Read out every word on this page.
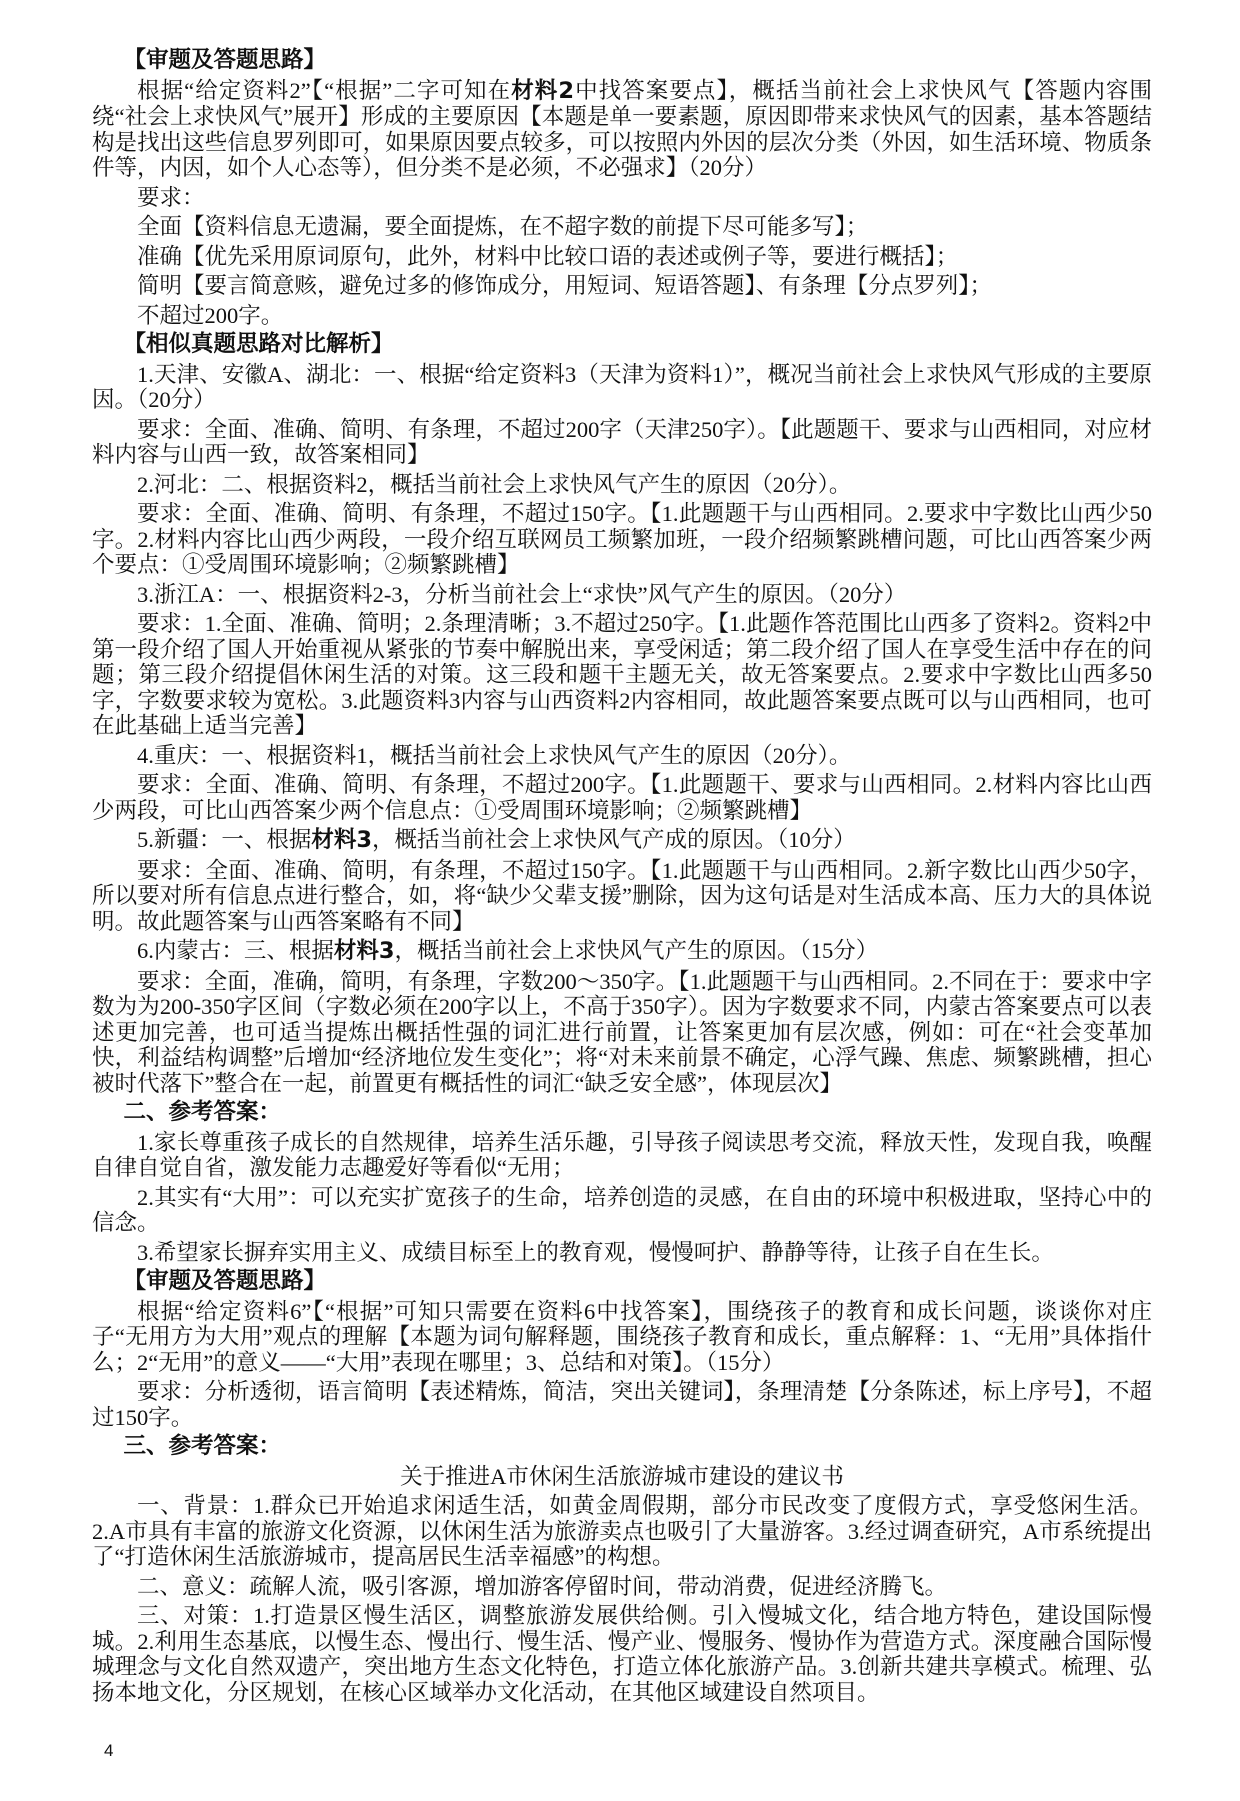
【审题及答题思路】

根据“给定资料2”【“根据”二字可知在材料2中找答案要点】，概括当前社会上求快风气【答题内容围绕“社会上求快风气”展开】形成的主要原因【本题是单一要素题，原因即带来求快风气的因素，基本答题结构是找出这些信息罗列即可，如果原因要点较多，可以按照内外因的层次分类（外因，如生活环境、物质条件等，内因，如个人心态等），但分类不是必须，不必强求】（20分）

要求：

全面【资料信息无遗漏，要全面提炼，在不超字数的前提下尽可能多写】；

准确【优先采用原词原句，此外，材料中比较口语的表述或例子等，要进行概括】；

简明【要言简意赅，避免过多的修饰成分，用短词、短语答题】、有条理【分点罗列】；

不超过200字。

【相似真题思路对比解析】

1.天津、安徽A、湖北：一、根据“给定资料3（天津为资料1）”，概况当前社会上求快风气形成的主要原因。（20分）

要求：全面、准确、简明、有条理，不超过200字（天津250字）。【此题题干、要求与山西相同，对应材料内容与山西一致，故答案相同】

2.河北：二、根据资料2，概括当前社会上求快风气产生的原因（20分）。

要求：全面、准确、简明、有条理，不超过150字。【1.此题题干与山西相同。2.要求中字数比山西少50字。2.材料内容比山西少两段，一段介绍互联网员工频繁加班，一段介绍频繁跳槽问题，可比山西答案少两个要点：①受周围环境影响；②频繁跳槽】

3.浙江A：一、根据资料2-3，分析当前社会上“求快”风气产生的原因。（20分）

要求：1.全面、准确、简明；2.条理清晰；3.不超过250字。【1.此题作答范围比山西多了资料2。资料2中第一段介绍了国人开始重视从紧张的节奏中解脱出来，享受闲适；第二段介绍了国人在享受生活中存在的问题；第三段介绍提倡休闲生活的对策。这三段和题干主题无关，故无答案要点。2.要求中字数比山西多50字，字数要求较为宽松。3.此题资料3内容与山西资料2内容相同，故此题答案要点既可以与山西相同，也可在此基础上适当完善】

4.重庆：一、根据资料1，概括当前社会上求快风气产生的原因（20分）。

要求：全面、准确、简明、有条理，不超过200字。【1.此题题干、要求与山西相同。2.材料内容比山西少两段，可比山西答案少两个信息点：①受周围环境影响；②频繁跳槽】

5.新疆：一、根据材料3，概括当前社会上求快风气产成的原因。（10分）

要求：全面、准确、简明，有条理，不超过150字。【1.此题题干与山西相同。2.新字数比山西少50字，所以要对所有信息点进行整合，如，将“缺少父辈支援”删除，因为这句话是对生活成本高、压力大的具体说明。故此题答案与山西答案略有不同】

6.内蒙古：三、根据材料3，概括当前社会上求快风气产生的原因。（15分）

要求：全面，准确，简明，有条理，字数200～350字。【1.此题题干与山西相同。2.不同在于：要求中字数为为200-350字区间（字数必须在200字以上，不高于350字）。因为字数要求不同，内蒙古答案要点可以表述更加完善，也可适当提炼出概括性强的词汇进行前置，让答案更加有层次感，例如：可在“社会变革加快，利益结构调整”后增加“经济地位发生变化”；将“对未来前景不确定，心浮气躁、焦虑、频繁跳槽，担心被时代落下”整合在一起，前置更有概括性的词汇“缺乏安全感”，体现层次】

二、参考答案：

1.家长尊重孩子成长的自然规律，培养生活乐趣，引导孩子阅读思考交流，释放天性，发现自我，唤醒自律自觉自省，激发能力志趣爱好等看似“无用；

2.其实有“大用”：可以充实扩宽孩子的生命，培养创造的灵感，在自由的环境中积极进取，坚持心中的信念。

3.希望家长摒弃实用主义、成绩目标至上的教育观，慢慢呵护、静静等待，让孩子自在生长。

【审题及答题思路】

根据“给定资料6”【“根据”可知只需要在资料6中找答案】，围绕孩子的教育和成长问题，谈谈你对庄子“无用方为大用”观点的理解【本题为词句解释题，围绕孩子教育和成长，重点解释：1、“无用”具体指什么；2“无用”的意义——“大用”表现在哪里；3、总结和对策】。（15分）

要求：分析透彻，语言简明【表述精炼，简洁，突出关键词】，条理清楚【分条陈述，标上序号】，不超过150字。

三、参考答案：
关于推进A市休闲生活旅游城市建设的建议书

一、背景：1.群众已开始追求闲适生活，如黄金周假期，部分市民改变了度假方式，享受悠闲生活。2.A市具有丰富的旅游文化资源，以休闲生活为旅游卖点也吸引了大量游客。3.经过调查研究，A市系统提出了“打造休闲生活旅游城市，提高居民生活幸福感”的构想。

二、意义：疏解人流，吸引客源，增加游客停留时间，带动消费，促进经济腾飞。

三、对策：1.打造景区慢生活区，调整旅游发展供给侧。引入慢城文化，结合地方特色，建设国际慢城。2.利用生态基底，以慢生态、慢出行、慢生活、慢产业、慢服务、慢协作为营造方式。深度融合国际慢城理念与文化自然双遗产，突出地方生态文化特色，打造立体化旅游产品。3.创新共建共享模式。梳理、弘扬本地文化，分区规划，在核心区域举办文化活动，在其他区域建设自然项目。

4
